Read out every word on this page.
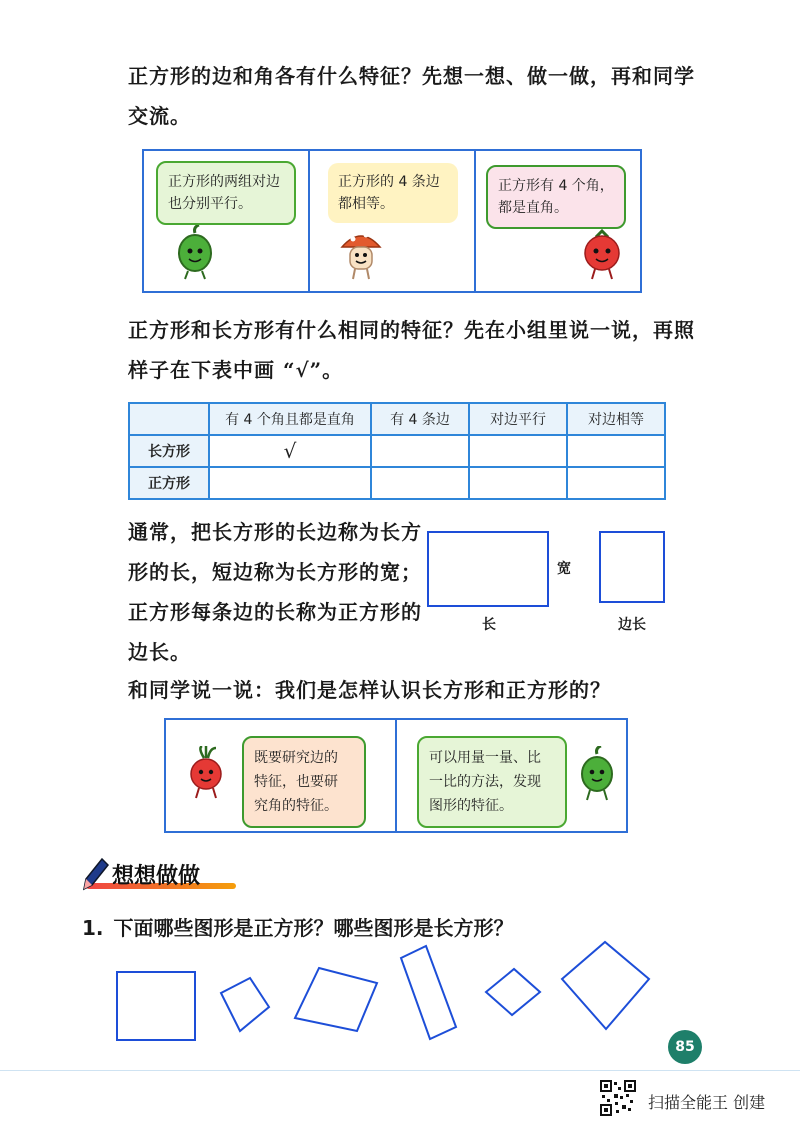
正方形的边和角各有什么特征？先想一想、做一做，再和同学
交流。
正方形的两组对边
也分别平行。
正方形的 4 条边
都相等。
正方形有 4 个角，
都是直角。
正方形和长方形有什么相同的特征？先在小组里说一说，再照
样子在下表中画 “√”。
	有 4 个角且都是直角	有 4 条边	对边平行	对边相等
长方形	√			
正方形				
通常，把长方形的长边称为长方
形的长，短边称为长方形的宽；
正方形每条边的长称为正方形的
边长。
宽
长	边长
和同学说一说：我们是怎样认识长方形和正方形的？
既要研究边的
特征，也要研
究角的特征。
可以用量一量、比
一比的方法，发现
图形的特征。
想想做做
1. 下面哪些图形是正方形？哪些图形是长方形？
85
扫描全能王 创建
